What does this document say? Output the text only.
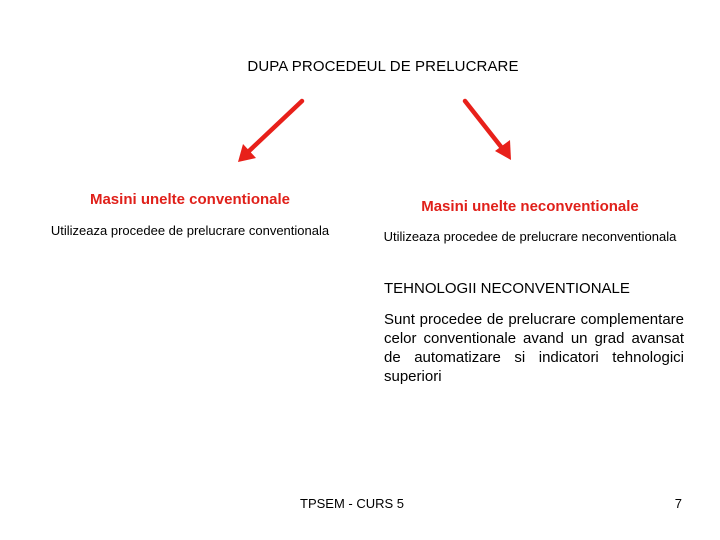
DUPA PROCEDEUL DE PRELUCRARE
Masini unelte conventionale
Utilizeaza procedee de prelucrare conventionala
Masini unelte neconventionale
Utilizeaza procedee de prelucrare neconventionala
TEHNOLOGII NECONVENTIONALE
Sunt procedee de prelucrare complementare celor conventionale avand un grad avansat de automatizare si indicatori tehnologici superiori
TPSEM - CURS 5	7
